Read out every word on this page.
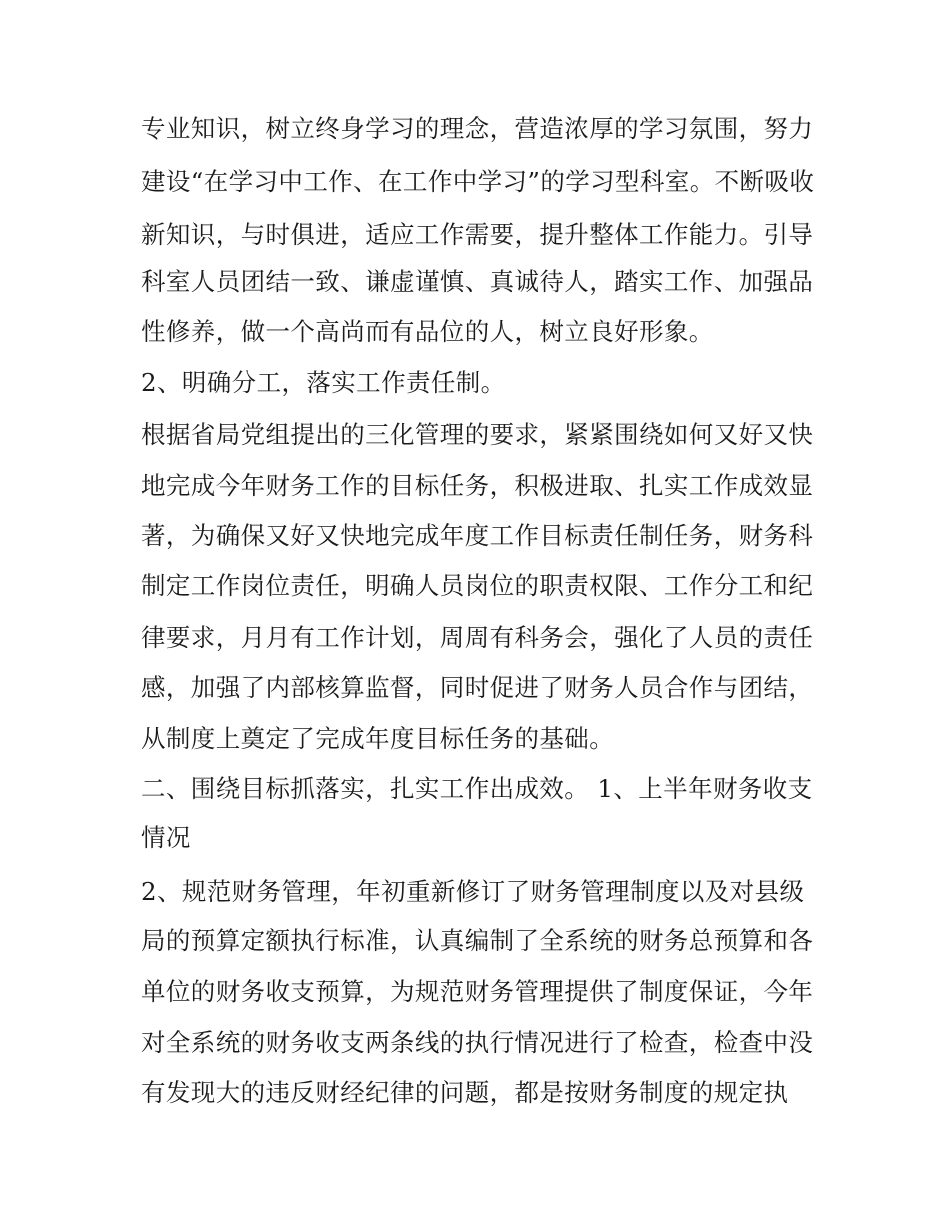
专业知识，树立终身学习的理念，营造浓厚的学习氛围，努力
建设“在学习中工作、在工作中学习”的学习型科室。不断吸收
新知识，与时俱进，适应工作需要，提升整体工作能力。引导
科室人员团结一致、谦虚谨慎、真诚待人，踏实工作、加强品
性修养，做一个高尚而有品位的人，树立良好形象。
2、明确分工，落实工作责任制。
根据省局党组提出的三化管理的要求，紧紧围绕如何又好又快
地完成今年财务工作的目标任务，积极进取、扎实工作成效显
著，为确保又好又快地完成年度工作目标责任制任务，财务科
制定工作岗位责任，明确人员岗位的职责权限、工作分工和纪
律要求，月月有工作计划，周周有科务会，强化了人员的责任
感，加强了内部核算监督，同时促进了财务人员合作与团结，
从制度上奠定了完成年度目标任务的基础。
二、围绕目标抓落实，扎实工作出成效。 1、上半年财务收支
情况
2、规范财务管理，年初重新修订了财务管理制度以及对县级
局的预算定额执行标准，认真编制了全系统的财务总预算和各
单位的财务收支预算，为规范财务管理提供了制度保证，今年
对全系统的财务收支两条线的执行情况进行了检查，检查中没
有发现大的违反财经纪律的问题，都是按财务制度的规定执
